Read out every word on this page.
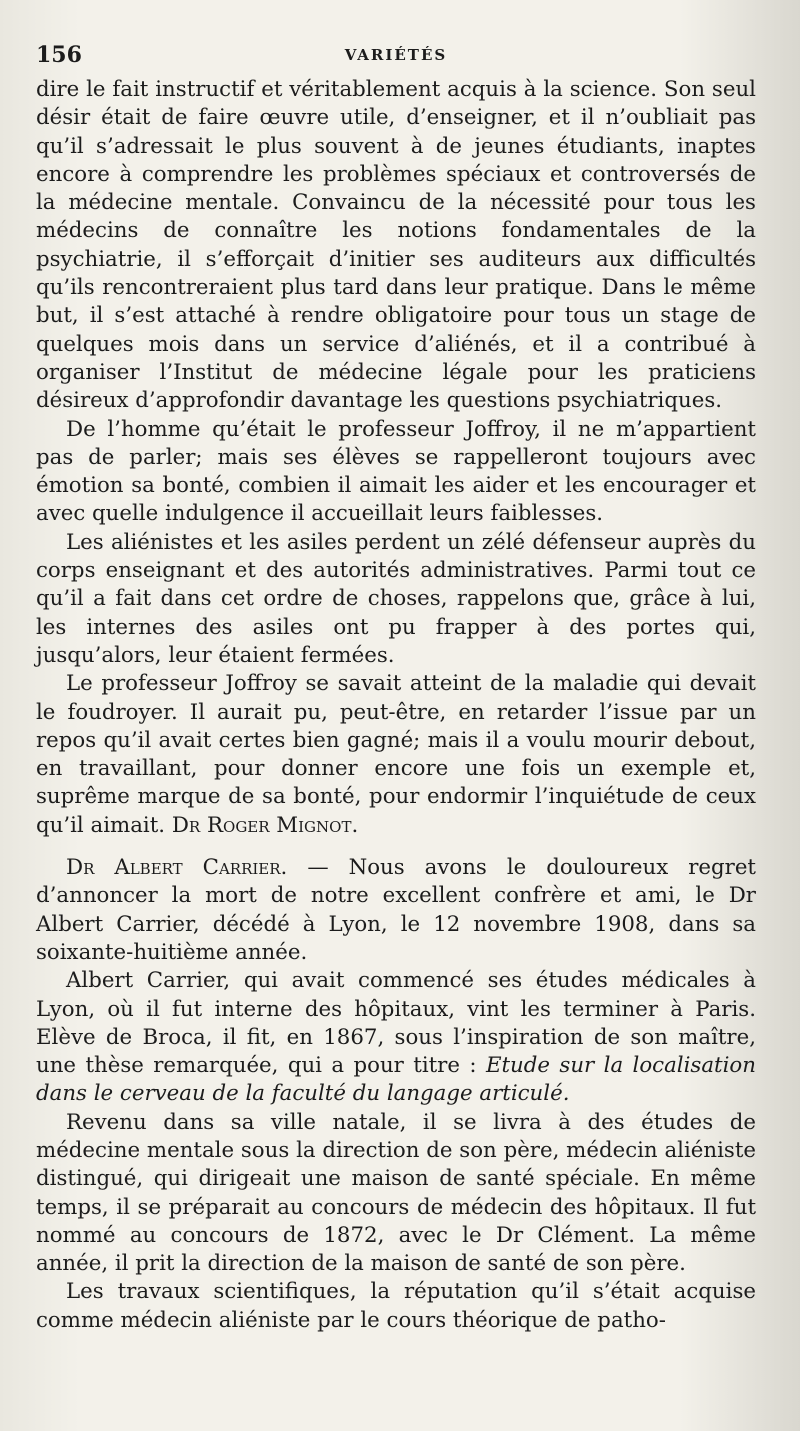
156	VARIÉTÉS

dire le fait instructif et véritablement acquis à la science. Son seul désir était de faire œuvre utile, d’enseigner, et il n’oubliait pas qu’il s’adressait le plus souvent à de jeunes étudiants, inaptes encore à comprendre les problèmes spéciaux et controversés de la médecine mentale. Convaincu de la nécessité pour tous les médecins de connaître les notions fondamentales de la psychiatrie, il s’efforçait d’initier ses auditeurs aux difficultés qu’ils rencontreraient plus tard dans leur pratique. Dans le même but, il s’est attaché à rendre obligatoire pour tous un stage de quelques mois dans un service d’aliénés, et il a contribué à organiser l’Institut de médecine légale pour les praticiens désireux d’approfondir davantage les questions psychiatriques.

De l’homme qu’était le professeur Joffroy, il ne m’appartient pas de parler; mais ses élèves se rappelleront toujours avec émotion sa bonté, combien il aimait les aider et les encourager et avec quelle indulgence il accueillait leurs faiblesses.

Les aliénistes et les asiles perdent un zélé défenseur auprès du corps enseignant et des autorités administratives. Parmi tout ce qu’il a fait dans cet ordre de choses, rappelons que, grâce à lui, les internes des asiles ont pu frapper à des portes qui, jusqu’alors, leur étaient fermées.

Le professeur Joffroy se savait atteint de la maladie qui devait le foudroyer. Il aurait pu, peut-être, en retarder l’issue par un repos qu’il avait certes bien gagné; mais il a voulu mourir debout, en travaillant, pour donner encore une fois un exemple et, suprême marque de sa bonté, pour endormir l’inquiétude de ceux qu’il aimait. Dr Roger Mignot.

Dr Albert Carrier. — Nous avons le douloureux regret d’annoncer la mort de notre excellent confrère et ami, le Dr Albert Carrier, décédé à Lyon, le 12 novembre 1908, dans sa soixante-huitième année.

Albert Carrier, qui avait commencé ses études médicales à Lyon, où il fut interne des hôpitaux, vint les terminer à Paris. Elève de Broca, il fit, en 1867, sous l’inspiration de son maître, une thèse remarquée, qui a pour titre : Etude sur la localisation dans le cerveau de la faculté du langage articulé.

Revenu dans sa ville natale, il se livra à des études de médecine mentale sous la direction de son père, médecin aliéniste distingué, qui dirigeait une maison de santé spéciale. En même temps, il se préparait au concours de médecin des hôpitaux. Il fut nommé au concours de 1872, avec le Dr Clément. La même année, il prit la direction de la maison de santé de son père.

Les travaux scientifiques, la réputation qu’il s’était acquise comme médecin aliéniste par le cours théorique de patho-
